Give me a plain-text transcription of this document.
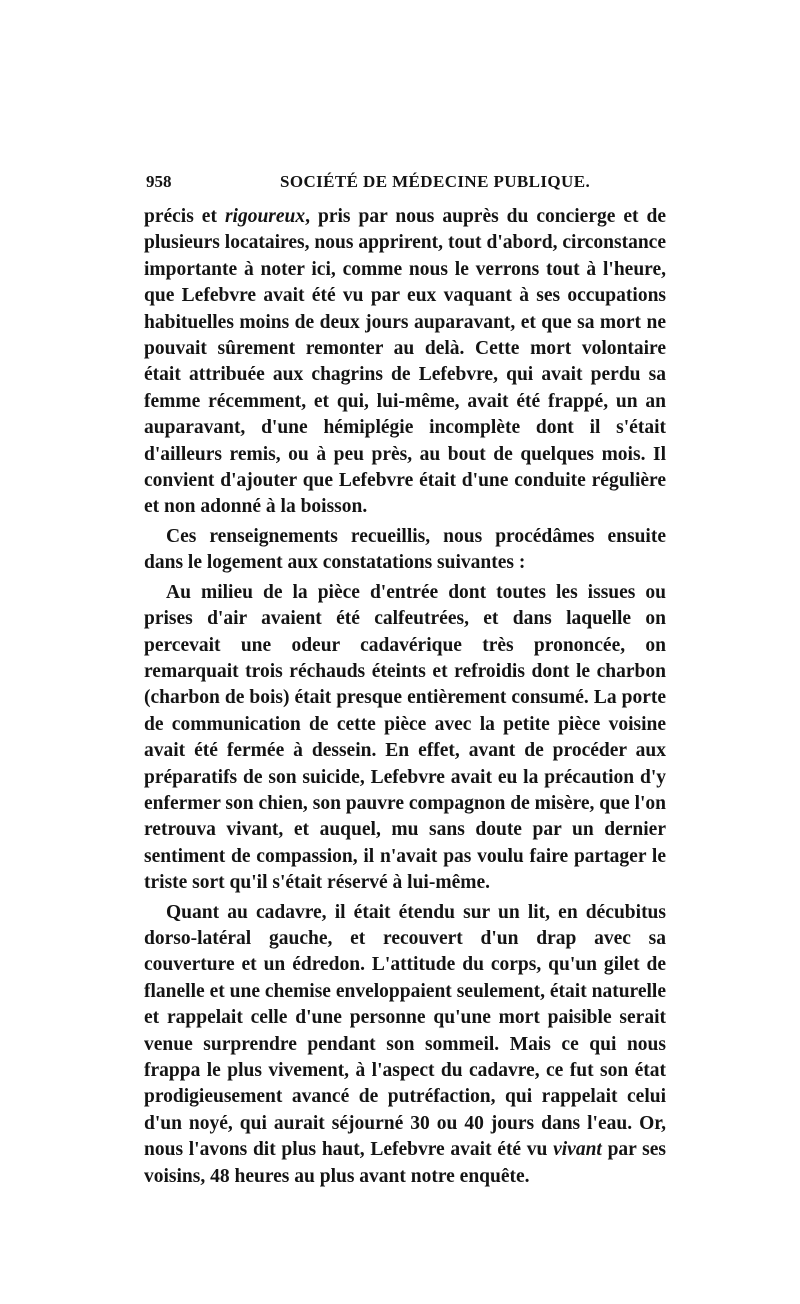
958	SOCIÉTÉ DE MÉDECINE PUBLIQUE.

précis et rigoureux, pris par nous auprès du concierge et de plusieurs locataires, nous apprirent, tout d'abord, circonstance importante à noter ici, comme nous le verrons tout à l'heure, que Lefebvre avait été vu par eux vaquant à ses occupations habituelles moins de deux jours auparavant, et que sa mort ne pouvait sûrement remonter au delà. Cette mort volontaire était attribuée aux chagrins de Lefebvre, qui avait perdu sa femme récemment, et qui, lui-même, avait été frappé, un an auparavant, d'une hémiplégie incomplète dont il s'était d'ailleurs remis, ou à peu près, au bout de quelques mois. Il convient d'ajouter que Lefebvre était d'une conduite régulière et non adonné à la boisson.

Ces renseignements recueillis, nous procédâmes ensuite dans le logement aux constatations suivantes :

Au milieu de la pièce d'entrée dont toutes les issues ou prises d'air avaient été calfeutrées, et dans laquelle on percevait une odeur cadavérique très prononcée, on remarquait trois réchauds éteints et refroidis dont le charbon (charbon de bois) était presque entièrement consumé. La porte de communication de cette pièce avec la petite pièce voisine avait été fermée à dessein. En effet, avant de procéder aux préparatifs de son suicide, Lefebvre avait eu la précaution d'y enfermer son chien, son pauvre compagnon de misère, que l'on retrouva vivant, et auquel, mu sans doute par un dernier sentiment de compassion, il n'avait pas voulu faire partager le triste sort qu'il s'était réservé à lui-même.

Quant au cadavre, il était étendu sur un lit, en décubitus dorso-latéral gauche, et recouvert d'un drap avec sa couverture et un édredon. L'attitude du corps, qu'un gilet de flanelle et une chemise enveloppaient seulement, était naturelle et rappelait celle d'une personne qu'une mort paisible serait venue surprendre pendant son sommeil. Mais ce qui nous frappa le plus vivement, à l'aspect du cadavre, ce fut son état prodigieusement avancé de putréfaction, qui rappelait celui d'un noyé, qui aurait séjourné 30 ou 40 jours dans l'eau. Or, nous l'avons dit plus haut, Lefebvre avait été vu vivant par ses voisins, 48 heures au plus avant notre enquête.
